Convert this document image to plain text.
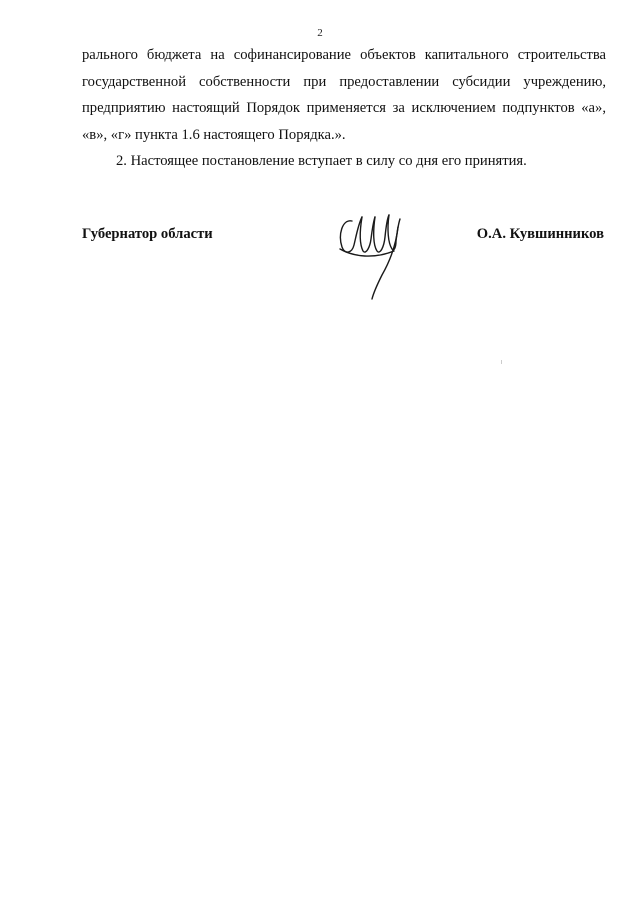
2
рального бюджета на софинансирование объектов капитального строительства
государственной собственности при предоставлении субсидии учреждению,
предприятию настоящий Порядок применяется за исключением подпунктов «а»,
«в», «г» пункта 1.6 настоящего Порядка.».
2. Настоящее постановление вступает в силу со дня его принятия.
Губернатор области	О.А. Кувшинников
